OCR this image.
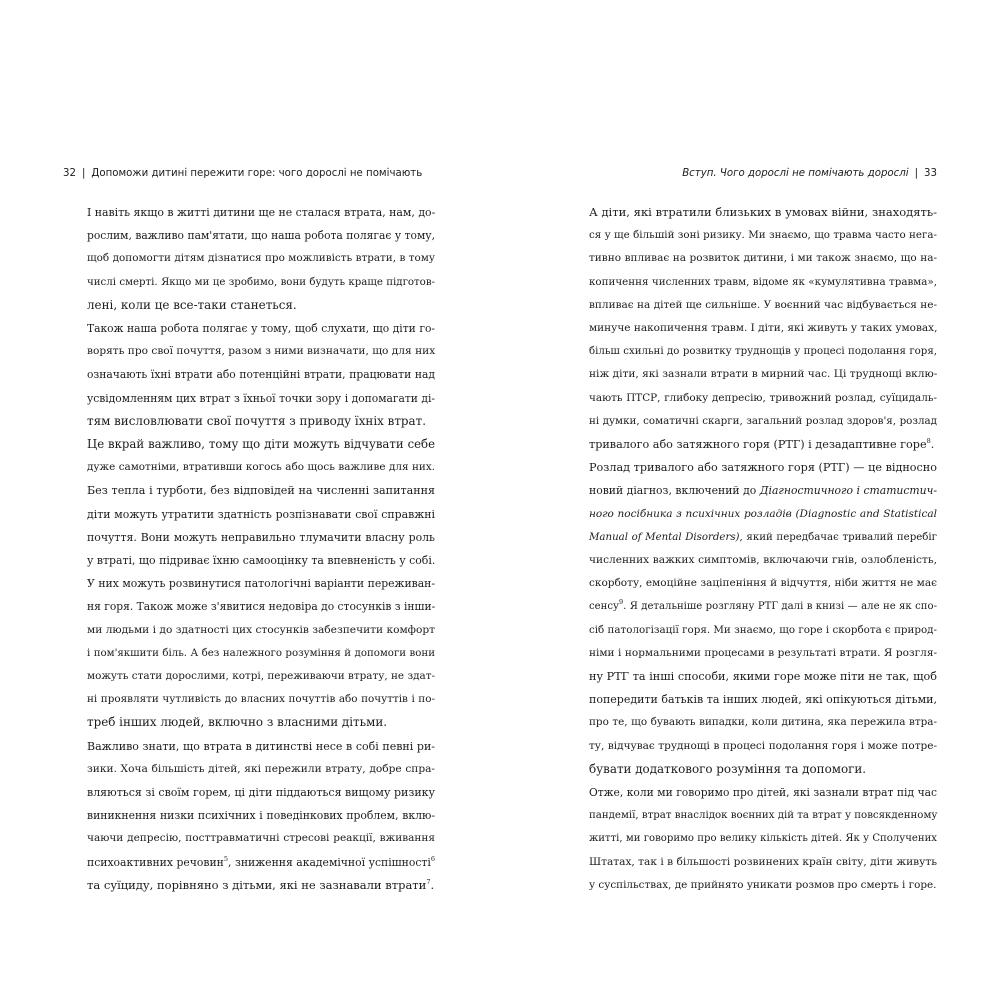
32 | Допоможи дитині пережити горе: чого дорослі не помічають

І навіть якщо в житті дитини ще не сталася втрата, нам, до-
рослим, важливо пам'ятати, що наша робота полягає у тому,
щоб допомогти дітям дізнатися про можливість втрати, в тому
числі смерті. Якщо ми це зробимо, вони будуть краще підготов-
лені, коли це все-таки станеться.

Також наша робота полягає у тому, щоб слухати, що діти го-
ворять про свої почуття, разом з ними визначати, що для них
означають їхні втрати або потенційні втрати, працювати над
усвідомленням цих втрат з їхньої точки зору і допомагати ді-
тям висловлювати свої почуття з приводу їхніх втрат.

Це вкрай важливо, тому що діти можуть відчувати себе
дуже самотніми, втративши когось або щось важливе для них.
Без тепла і турботи, без відповідей на численні запитання
діти можуть утратити здатність розпізнавати свої справжні
почуття. Вони можуть неправильно тлумачити власну роль
у втраті, що підриває їхню самооцінку та впевненість у собі.
У них можуть розвинутися патологічні варіанти переживан-
ня горя. Також може з'явитися недовіра до стосунків з інши-
ми людьми і до здатності цих стосунків забезпечити комфорт
і пом'якшити біль. А без належного розуміння й допомоги вони
можуть стати дорослими, котрі, переживаючи втрату, не здат-
ні проявляти чутливість до власних почуттів або почуттів і по-
треб інших людей, включно з власними дітьми.

Важливо знати, що втрата в дитинстві несе в собі певні ри-
зики. Хоча більшість дітей, які пережили втрату, добре спра-
вляються зі своїм горем, ці діти піддаються вищому ризику
виникнення низки психічних і поведінкових проблем, вклю-
чаючи депресію, посттравматичні стресові реакції, вживання
психоактивних речовин$^5$, зниження академічної успішності$^6$
та суїциду, порівняно з дітьми, які не зазнавали втрати$^7$.

Вступ. Чого дорослі не помічають дорослі | 33

А діти, які втратили близьких в умовах війни, знаходять-
ся у ще більшій зоні ризику. Ми знаємо, що травма часто нега-
тивно впливає на розвиток дитини, і ми також знаємо, що на-
копичення численних травм, відоме як «кумулятивна травма»,
впливає на дітей ще сильніше. У воєнний час відбувається не-
минуче накопичення травм. І діти, які живуть у таких умовах,
більш схильні до розвитку труднощів у процесі подолання горя,
ніж діти, які зазнали втрати в мирний час. Ці труднощі вклю-
чають ПТСР, глибоку депресію, тривожний розлад, суїцидаль-
ні думки, соматичні скарги, загальний розлад здоров'я, розлад
тривалого або затяжного горя (РТГ) і дезадаптивне горе$^8$.

Розлад тривалого або затяжного горя (РТГ) — це відносно
новий діагноз, включений до Діагностичного і статистич-
ного посібника з психічних розладів (Diagnostic and Statistical
Manual of Mental Disorders), який передбачає тривалий перебіг
численних важких симптомів, включаючи гнів, озлобленість,
скорботу, емоційне заціпеніння й відчуття, ніби життя не має
сенсу$^9$. Я детальніше розгляну РТГ далі в книзі — але не як спо-
сіб патологізації горя. Ми знаємо, що горе і скорбота є природ-
німи і нормальними процесами в результаті втрати. Я розгля-
ну РТГ та інші способи, якими горе може піти не так, щоб
попередити батьків та інших людей, які опікуються дітьми,
про те, що бувають випадки, коли дитина, яка пережила втра-
ту, відчуває труднощі в процесі подолання горя і може потре-
бувати додаткового розуміння та допомоги.

Отже, коли ми говоримо про дітей, які зазнали втрат під час
пандемії, втрат внаслідок воєнних дій та втрат у повсякденному
житті, ми говоримо про велику кількість дітей. Як у Сполучених
Штатах, так і в більшості розвинених країн світу, діти живуть
у суспільствах, де прийнято уникати розмов про смерть і горе.
